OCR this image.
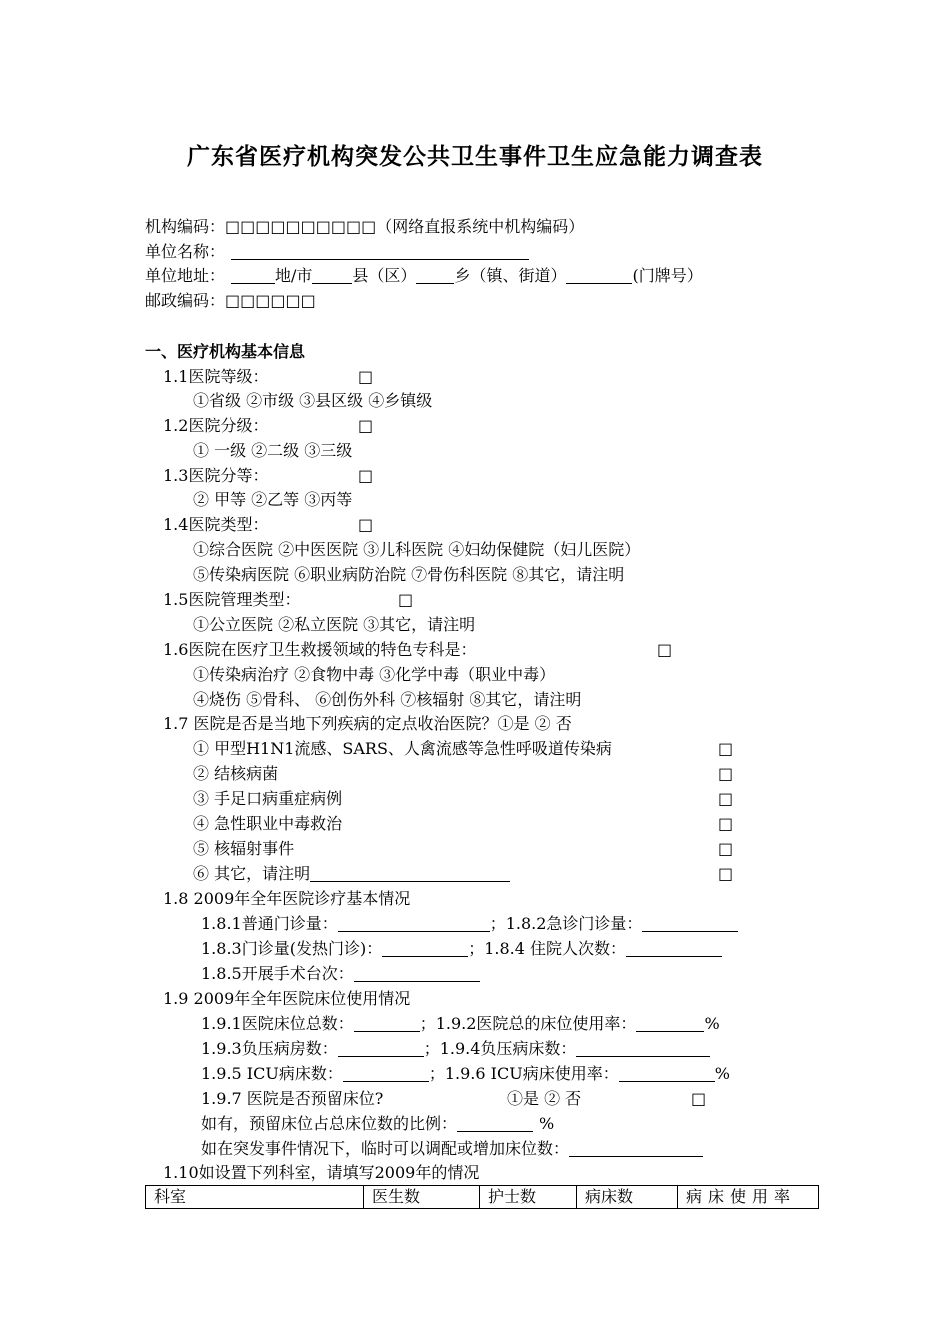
广东省医疗机构突发公共卫生事件卫生应急能力调查表
机构编码：□□□□□□□□□□（网络直报系统中机构编码）
单位名称：
单位地址：	地/市	县（区） 乡（镇、街道）	(门牌号）
邮政编码：□□□□□□
一、医疗机构基本信息
1.1医院等级：	□
①省级 ②市级 ③县区级 ④乡镇级
1.2医院分级：	□
① 一级 ②二级 ③三级
1.3医院分等：	□
② 甲等 ②乙等 ③丙等
1.4医院类型：	□
①综合医院 ②中医医院 ③儿科医院 ④妇幼保健院（妇儿医院）
⑤传染病医院 ⑥职业病防治院 ⑦骨伤科医院 ⑧其它，请注明
1.5医院管理类型：	□
①公立医院 ②私立医院 ③其它，请注明
1.6医院在医疗卫生救援领域的特色专科是：	□
①传染病治疗 ②食物中毒 ③化学中毒（职业中毒）
④烧伤 ⑤骨科、 ⑥创伤外科 ⑦核辐射 ⑧其它，请注明
1.7 医院是否是当地下列疾病的定点收治医院？①是 ② 否
① 甲型H1N1流感、SARS、人禽流感等急性呼吸道传染病	□
② 结核病菌	□
③ 手足口病重症病例	□
④ 急性职业中毒救治	□
⑤ 核辐射事件	□
⑥ 其它，请注明	□
1.8 2009年全年医院诊疗基本情况
1.8.1普通门诊量：	；1.8.2急诊门诊量：
1.8.3门诊量(发热门诊)：	；1.8.4 住院人次数：
1.8.5开展手术台次：
1.9 2009年全年医院床位使用情况
1.9.1医院床位总数：	；1.9.2医院总的床位使用率：	%
1.9.3负压病房数：	；1.9.4负压病床数：
1.9.5 ICU病床数：	；1.9.6 ICU病床使用率：	%
1.9.7 医院是否预留床位?	①是 ② 否	□
如有，预留床位占总床位数的比例：	%
如在突发事件情况下，临时可以调配或增加床位数：
1.10如设置下列科室，请填写2009年的情况
科室	医生数	护士数	病床数	病床使用率
